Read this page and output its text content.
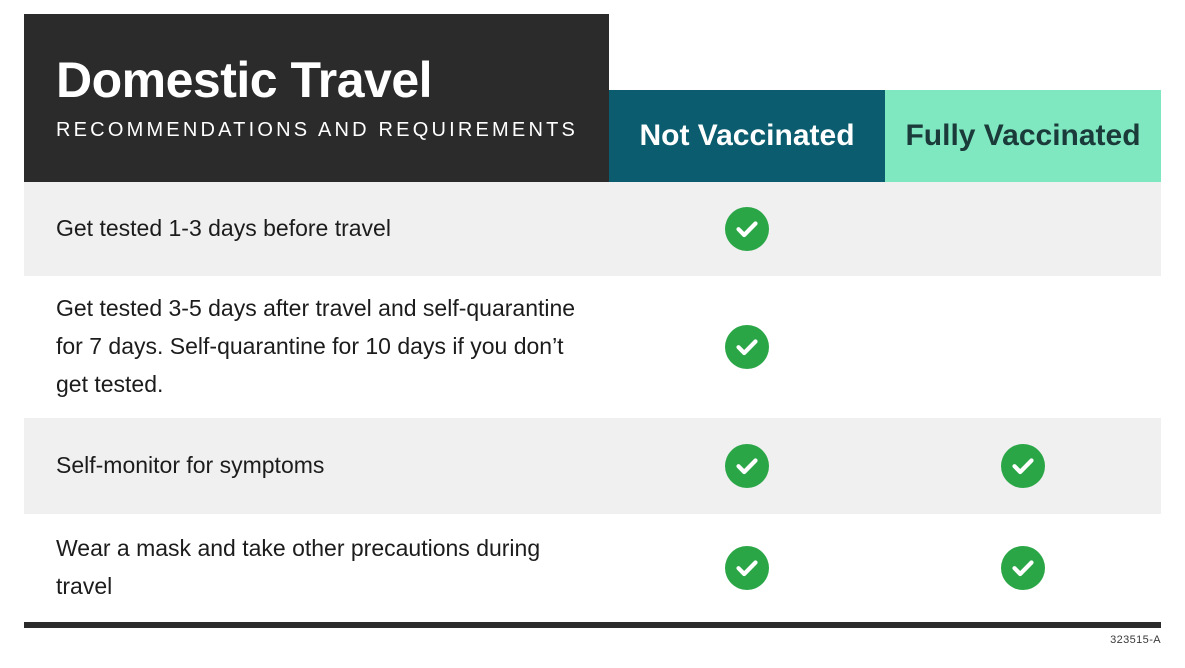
Domestic Travel
RECOMMENDATIONS AND REQUIREMENTS	Not Vaccinated Fully Vaccinated
Get tested 1-3 days before travel
Get tested 3-5 days after travel and self-quarantine for 7 days. Self-quarantine for 10 days if you don’t get tested.
Self-monitor for symptoms
Wear a mask and take other precautions during travel
323515-A
